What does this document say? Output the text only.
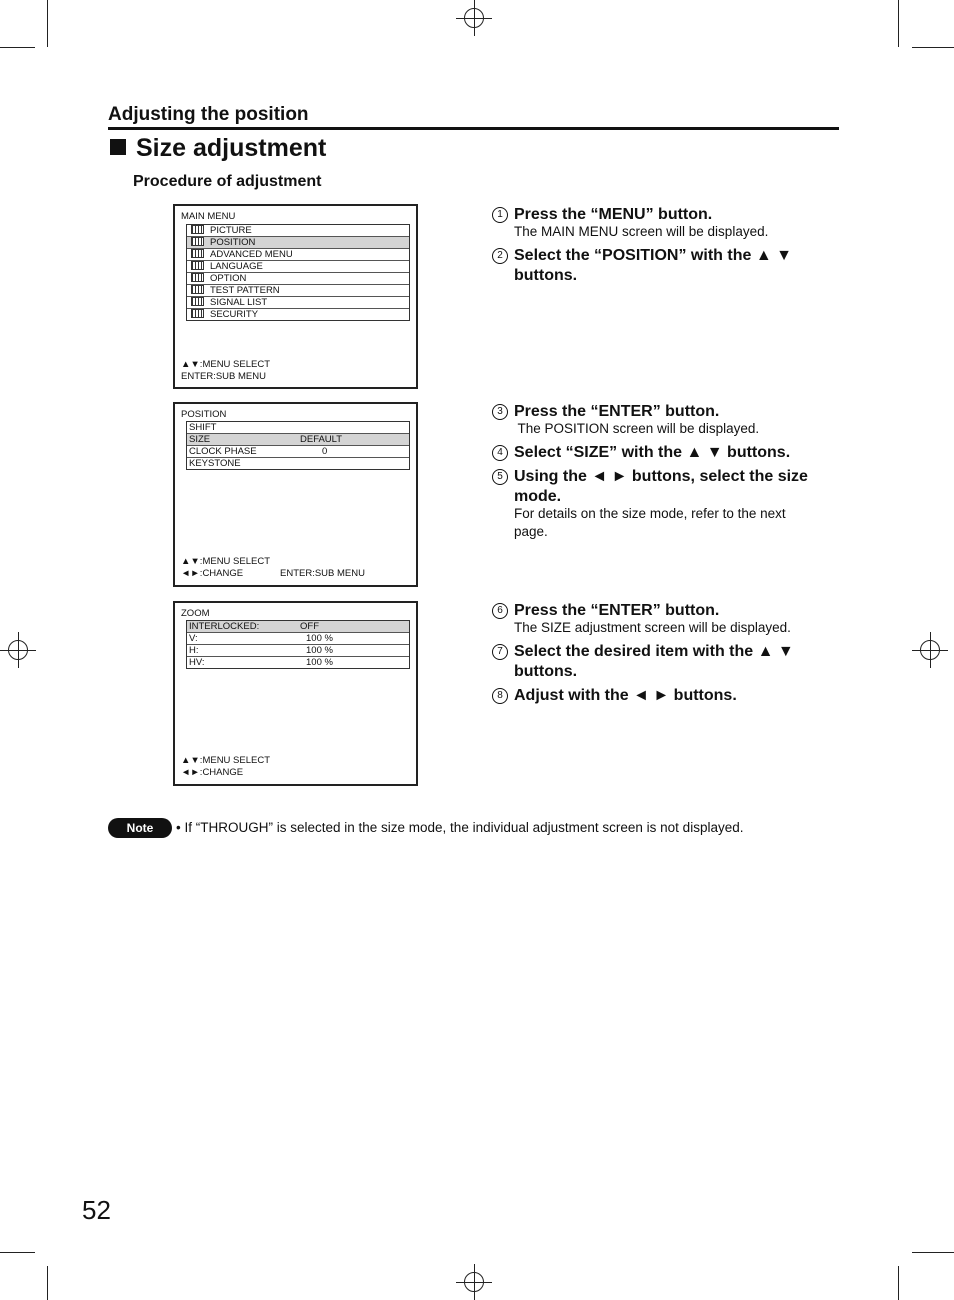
Adjusting the position
Size adjustment
Procedure of adjustment
MAIN MENU
PICTURE
POSITION
ADVANCED MENU
LANGUAGE
OPTION
TEST PATTERN
SIGNAL LIST
SECURITY
▲▼:MENU SELECT
ENTER:SUB MENU
POSITION
SHIFT
SIZE	DEFAULT
CLOCK PHASE	0
KEYSTONE
▲▼:MENU SELECT
◄►:CHANGE	ENTER:SUB MENU
ZOOM
INTERLOCKED:	OFF
V:	100 %
H:	100 %
HV:	100 %
▲▼:MENU SELECT
◄►:CHANGE
1 Press the “MENU” button.
The MAIN MENU screen will be displayed.
2 Select the “POSITION” with the ▲ ▼ buttons.
3 Press the “ENTER” button.
The POSITION screen will be displayed.
4 Select “SIZE” with the ▲ ▼ buttons.
5 Using the ◄ ► buttons, select the size mode.
For details on the size mode, refer to the next page.
6 Press the “ENTER” button.
The SIZE adjustment screen will be displayed.
7 Select the desired item with the ▲ ▼ buttons.
8 Adjust with the ◄ ► buttons.
Note	• If “THROUGH” is selected in the size mode, the individual adjustment screen is not displayed.
52
